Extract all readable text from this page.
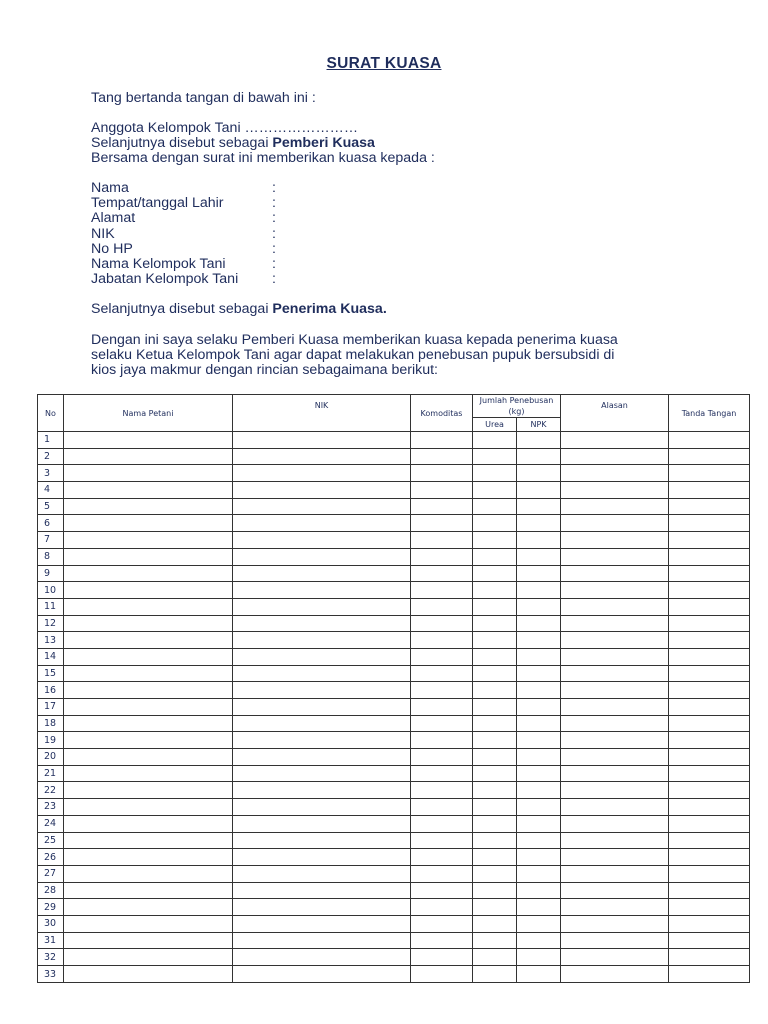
SURAT KUASA
Tang bertanda tangan di bawah ini :
Anggota Kelompok Tani ……………………
Selanjutnya disebut sebagai Pemberi Kuasa
Bersama dengan surat ini memberikan kuasa kepada :
Nama	:
Tempat/tanggal Lahir	:
Alamat	:
NIK	:
No HP	:
Nama Kelompok Tani	:
Jabatan Kelompok Tani	:
Selanjutnya disebut sebagai Penerima Kuasa.
Dengan ini saya selaku Pemberi Kuasa memberikan kuasa kepada penerima kuasa
selaku Ketua Kelompok Tani agar dapat melakukan penebusan pupuk bersubsidi di
kios jaya makmur dengan rincian sebagaimana berikut:
No	Nama Petani	NIK	Komoditas	Jumlah Penebusan (kg)		Alasan	Tanda Tangan
				Urea	NPK		
1							
2							
3							
4							
5							
6							
7							
8							
9							
10							
11							
12							
13							
14							
15							
16							
17							
18							
19							
20							
21							
22							
23							
24							
25							
26							
27							
28							
29							
30							
31							
32							
33							
